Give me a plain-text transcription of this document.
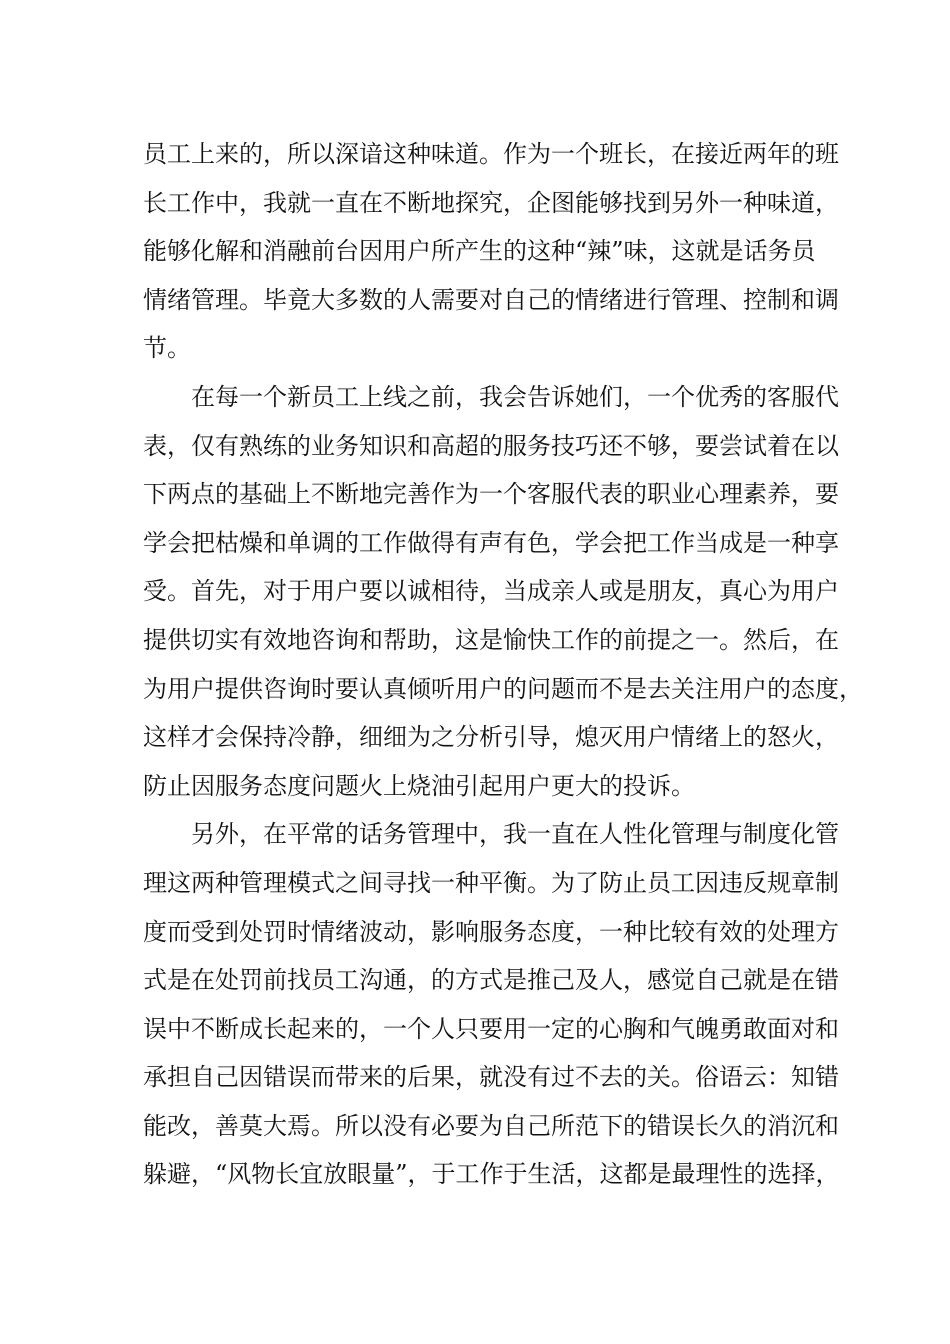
员工上来的，所以深谙这种味道。作为一个班长，在接近两年的班
长工作中，我就一直在不断地探究，企图能够找到另外一种味道，
能够化解和消融前台因用户所产生的这种“辣”味，这就是话务员
情绪管理。毕竟大多数的人需要对自己的情绪进行管理、控制和调
节。
在每一个新员工上线之前，我会告诉她们，一个优秀的客服代
表，仅有熟练的业务知识和高超的服务技巧还不够，要尝试着在以
下两点的基础上不断地完善作为一个客服代表的职业心理素养，要
学会把枯燥和单调的工作做得有声有色，学会把工作当成是一种享
受。首先，对于用户要以诚相待，当成亲人或是朋友，真心为用户
提供切实有效地咨询和帮助，这是愉快工作的前提之一。然后，在
为用户提供咨询时要认真倾听用户的问题而不是去关注用户的态度，
这样才会保持冷静，细细为之分析引导，熄灭用户情绪上的怒火，
防止因服务态度问题火上烧油引起用户更大的投诉。
另外，在平常的话务管理中，我一直在人性化管理与制度化管
理这两种管理模式之间寻找一种平衡。为了防止员工因违反规章制
度而受到处罚时情绪波动，影响服务态度，一种比较有效的处理方
式是在处罚前找员工沟通，的方式是推己及人，感觉自己就是在错
误中不断成长起来的，一个人只要用一定的心胸和气魄勇敢面对和
承担自己因错误而带来的后果，就没有过不去的关。俗语云：知错
能改，善莫大焉。所以没有必要为自己所范下的错误长久的消沉和
躲避，“风物长宜放眼量”，于工作于生活，这都是最理性的选择，
